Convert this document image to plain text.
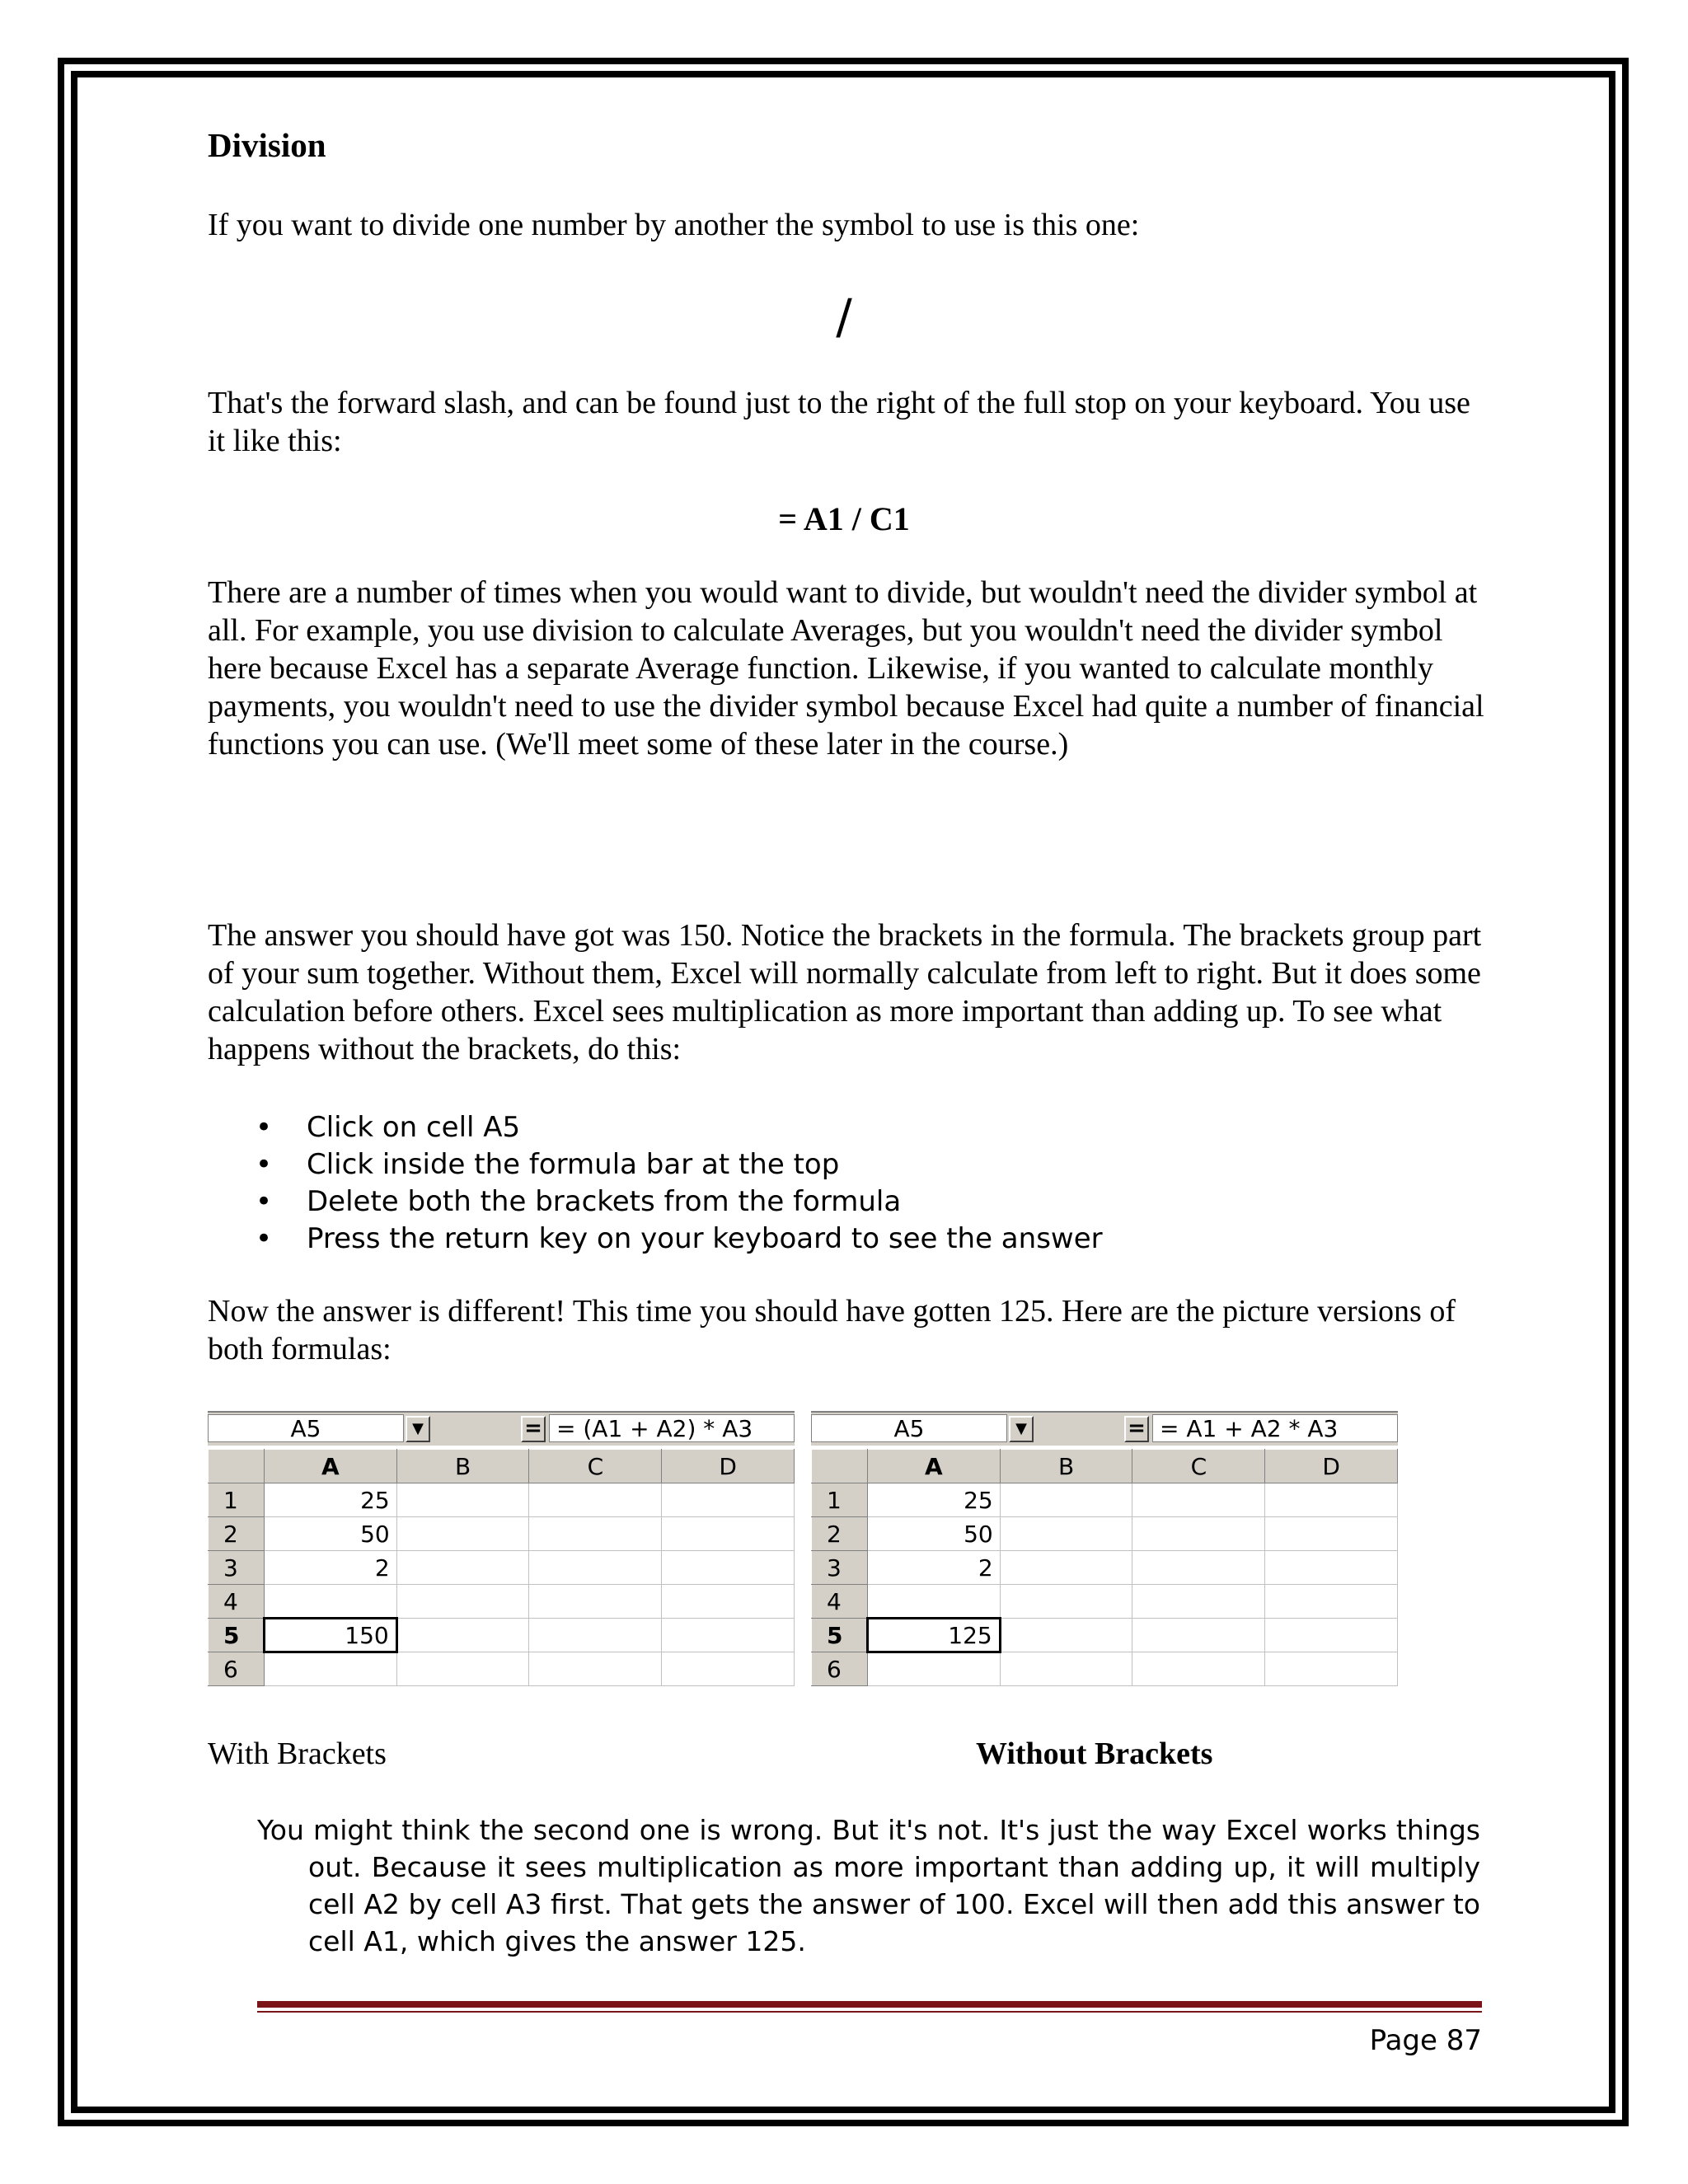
Division

If you want to divide one number by another the symbol to use is this one:

/

That's the forward slash, and can be found just to the right of the full stop on your keyboard. You use it like this:

= A1 / C1

There are a number of times when you would want to divide, but wouldn't need the divider symbol at all. For example, you use division to calculate Averages, but you wouldn't need the divider symbol here because Excel has a separate Average function. Likewise, if you wanted to calculate monthly payments, you wouldn't need to use the divider symbol because Excel had quite a number of financial functions you can use. (We'll meet some of these later in the course.)

The answer you should have got was 150. Notice the brackets in the formula. The brackets group part of your sum together. Without them, Excel will normally calculate from left to right. But it does some calculation before others. Excel sees multiplication as more important than adding up. To see what happens without the brackets, do this:

• Click on cell A5
• Click inside the formula bar at the top
• Delete both the brackets from the formula
• Press the return key on your keyboard to see the answer

Now the answer is different! This time you should have gotten 125. Here are the picture versions of both formulas:

A5	▼	= = (A1 + A2) * A3
	A	B	C	D
1	25			
2	50			
3	2			
4				
5	150			
6				
A5	▼	= = A1 + A2 * A3
	A	B	C	D
1	25			
2	50			
3	2			
4				
5	125			
6				
With Brackets	Without Brackets

You might think the second one is wrong. But it's not. It's just the way Excel works things out. Because it sees multiplication as more important than adding up, it will multiply cell A2 by cell A3 first. That gets the answer of 100. Excel will then add this answer to cell A1, which gives the answer 125.

Page 87
